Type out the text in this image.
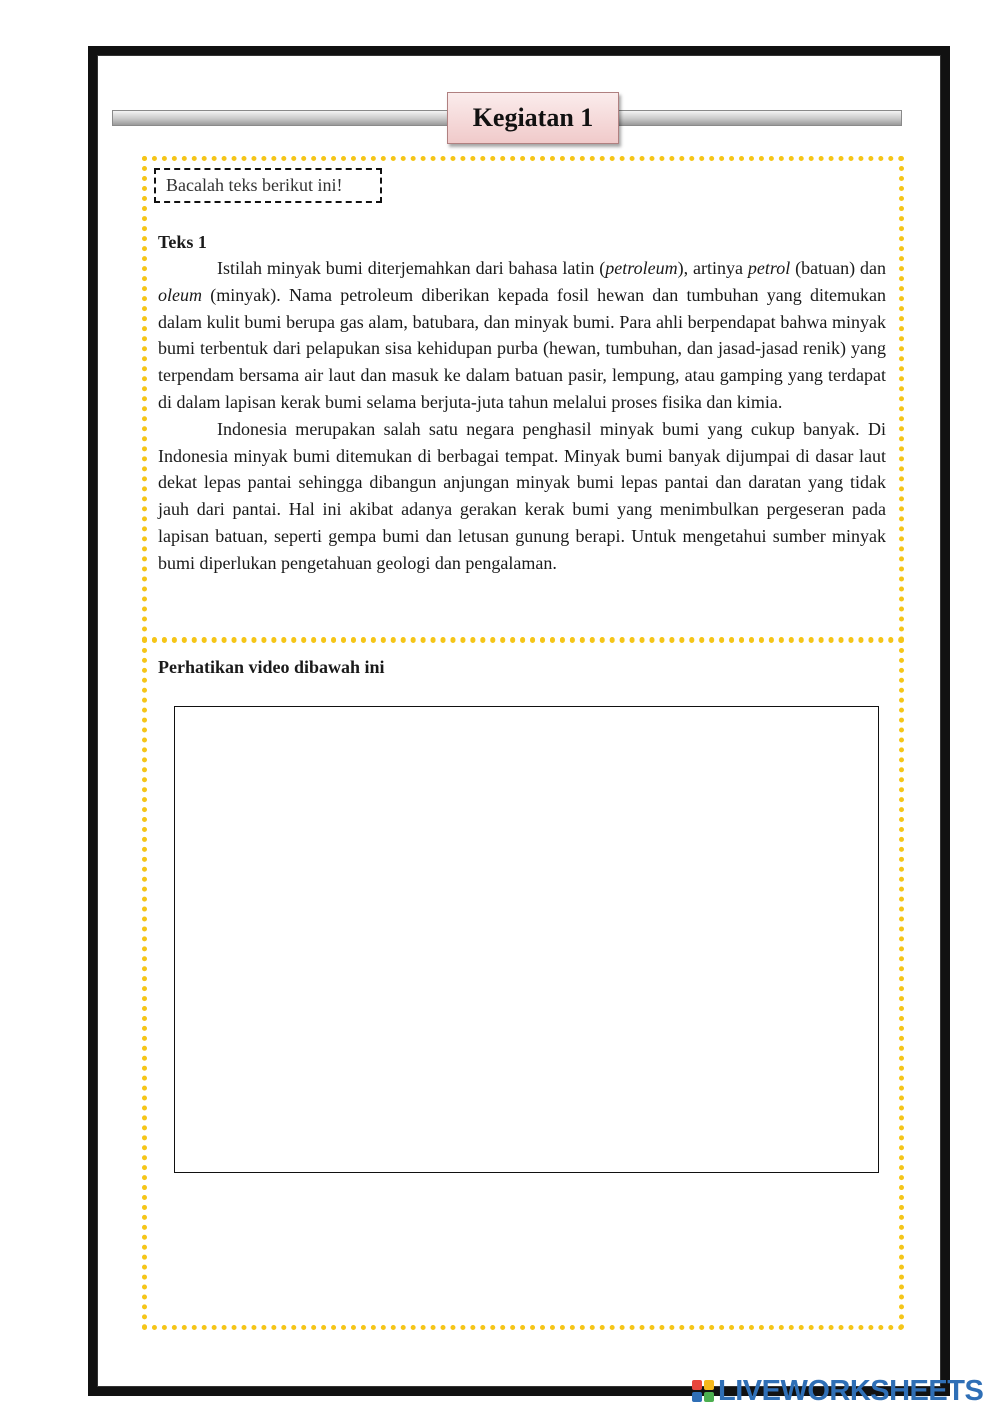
Kegiatan 1
Bacalah teks berikut ini!
Teks 1

Istilah minyak bumi diterjemahkan dari bahasa latin (petroleum), artinya petrol (batuan) dan oleum (minyak). Nama petroleum diberikan kepada fosil hewan dan tumbuhan yang ditemukan dalam kulit bumi berupa gas alam, batubara, dan minyak bumi. Para ahli berpendapat bahwa minyak bumi terbentuk dari pelapukan sisa kehidupan purba (hewan, tumbuhan, dan jasad-jasad renik) yang terpendam bersama air laut dan masuk ke dalam batuan pasir, lempung, atau gamping yang terdapat di dalam lapisan kerak bumi selama berjuta-juta tahun melalui proses fisika dan kimia.

Indonesia merupakan salah satu negara penghasil minyak bumi yang cukup banyak. Di Indonesia minyak bumi ditemukan di berbagai tempat. Minyak bumi banyak dijumpai di dasar laut dekat lepas pantai sehingga dibangun anjungan minyak bumi lepas pantai dan daratan yang tidak jauh dari pantai. Hal ini akibat adanya gerakan kerak bumi yang menimbulkan pergeseran pada lapisan batuan, seperti gempa bumi dan letusan gunung berapi. Untuk mengetahui sumber minyak bumi diperlukan pengetahuan geologi dan pengalaman.

Perhatikan video dibawah ini
LIVEWORKSHEETS
